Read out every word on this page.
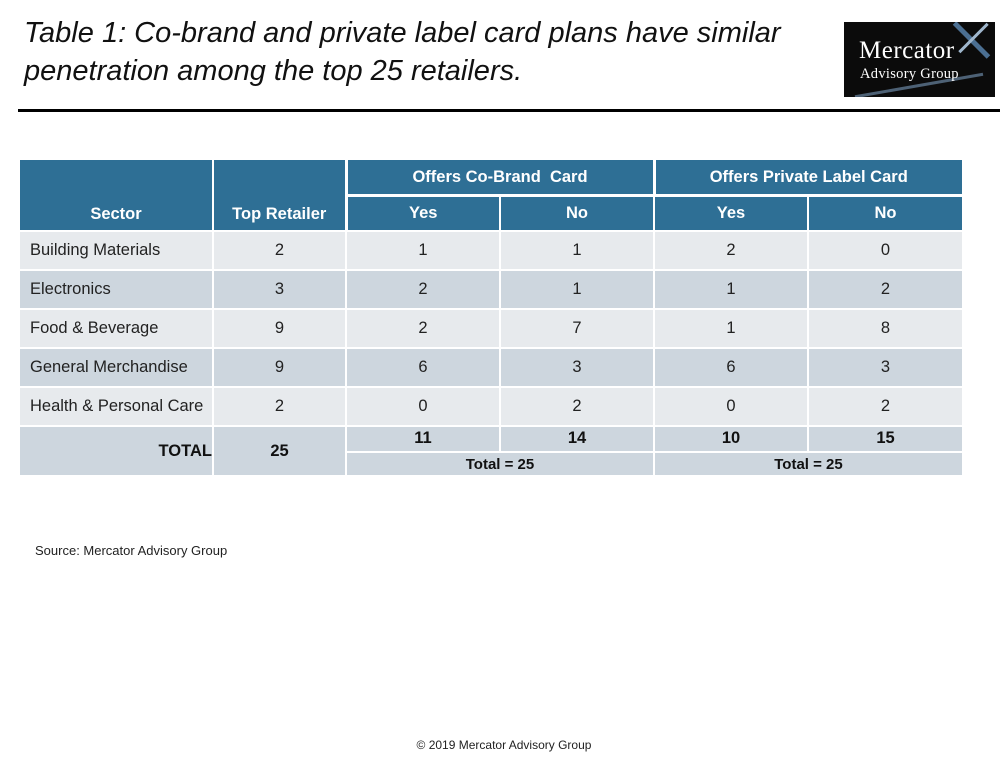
Table 1: Co-brand and private label card plans have similar penetration among the top 25 retailers.
Mercator
Advisory Group
Sector	Top Retailer	Offers Co-Brand  Card		Offers Private Label Card	
		Yes	No	Yes	No
Building Materials	2	1	1	2	0
Electronics	3	2	1	1	2
Food & Beverage	9	2	7	1	8
General Merchandise	9	6	3	6	3
Health & Personal Care	2	0	2	0	2
TOTAL	25	11	14	10	15
		Total = 25		Total = 25	
Source: Mercator Advisory Group
© 2019 Mercator Advisory Group
